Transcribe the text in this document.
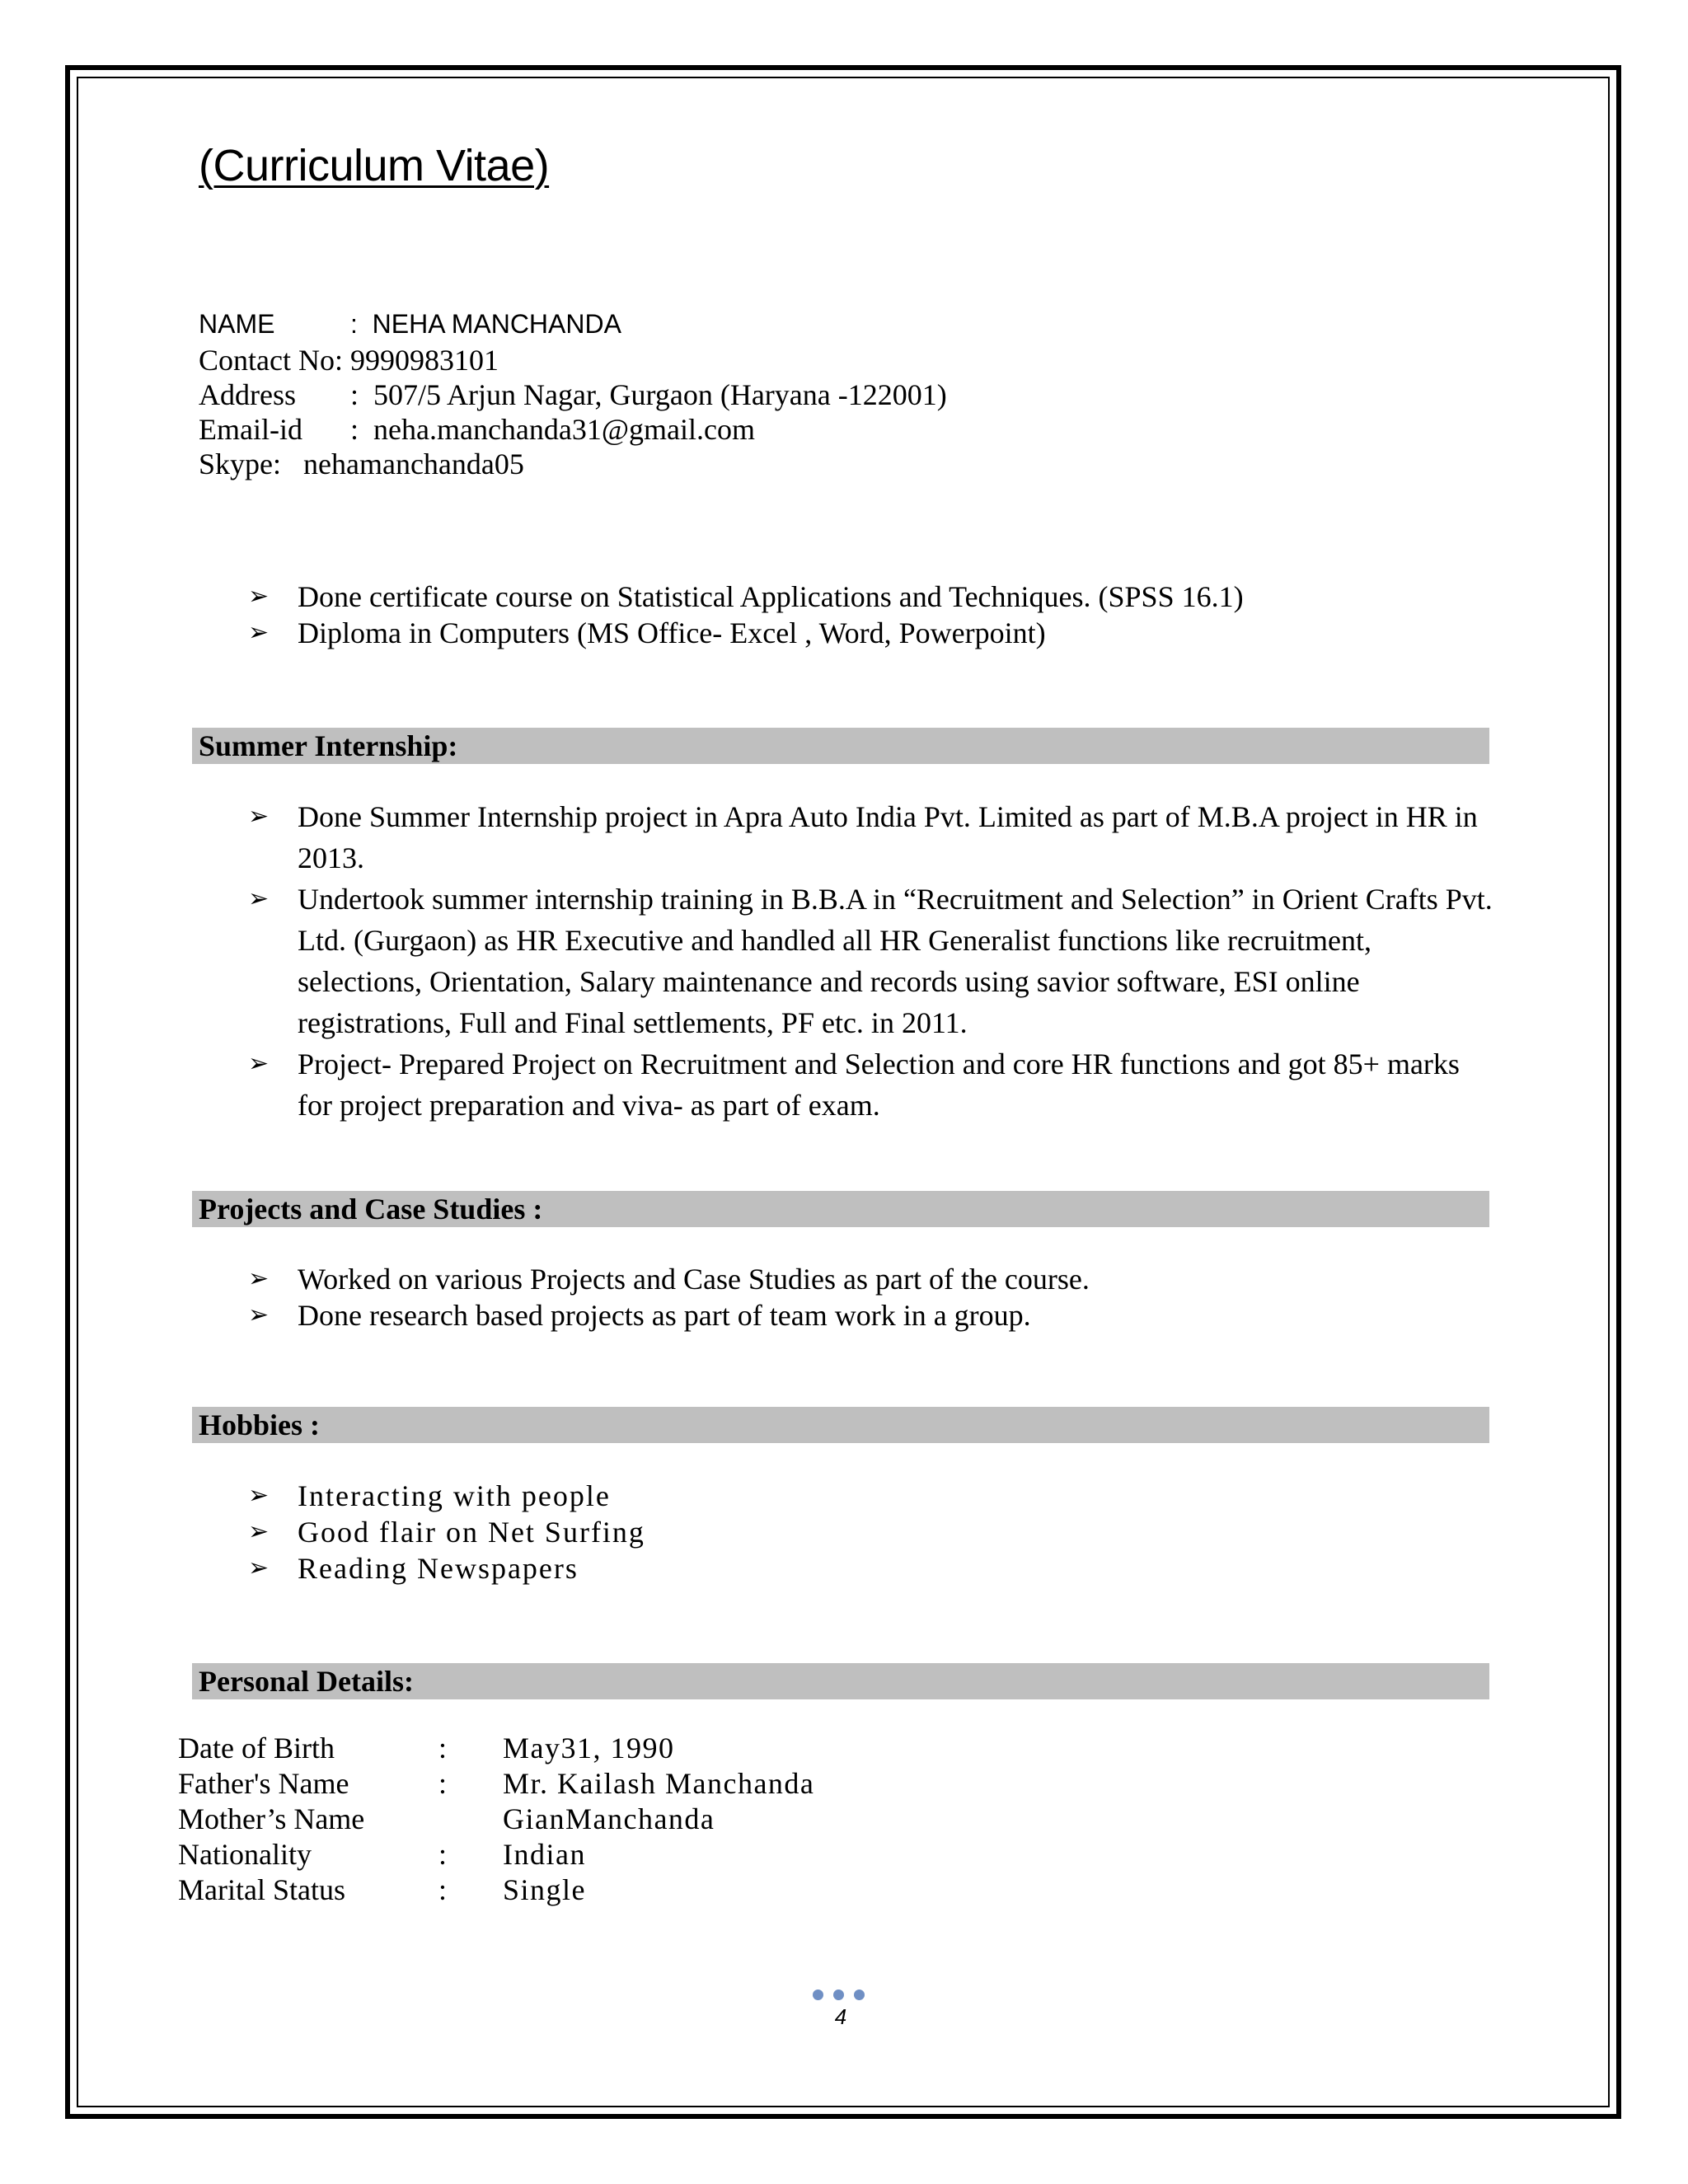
(Curriculum Vitae)
NAME	: NEHA MANCHANDA
Contact No: 9990983101
Address : 507/5 Arjun Nagar, Gurgaon (Haryana -122001)
Email-id : neha.manchanda31@gmail.com
Skype: nehamanchanda05
➢ Done certificate course on Statistical Applications and Techniques. (SPSS 16.1)
➢ Diploma in Computers (MS Office- Excel , Word, Powerpoint)
Summer Internship:
➢ Done Summer Internship project in Apra Auto India Pvt. Limited as part of M.B.A project in HR in 2013.
➢ Undertook summer internship training in B.B.A in “Recruitment and Selection” in Orient Crafts Pvt. Ltd. (Gurgaon) as HR Executive and handled all HR Generalist functions like recruitment, selections, Orientation, Salary maintenance and records using savior software, ESI online registrations, Full and Final settlements, PF etc. in 2011.
➢ Project- Prepared Project on Recruitment and Selection and core HR functions and got 85+ marks for project preparation and viva- as part of exam.
Projects and Case Studies :
➢ Worked on various Projects and Case Studies as part of the course.
➢ Done research based projects as part of team work in a group.
Hobbies :
➢ Interacting with people
➢ Good flair on Net Surfing
➢ Reading Newspapers
Personal Details:
Date of Birth	: May31, 1990
Father's Name	: Mr. Kailash Manchanda
Mother’s Name	GianManchanda
Nationality	: Indian
Marital Status	: Single
4
